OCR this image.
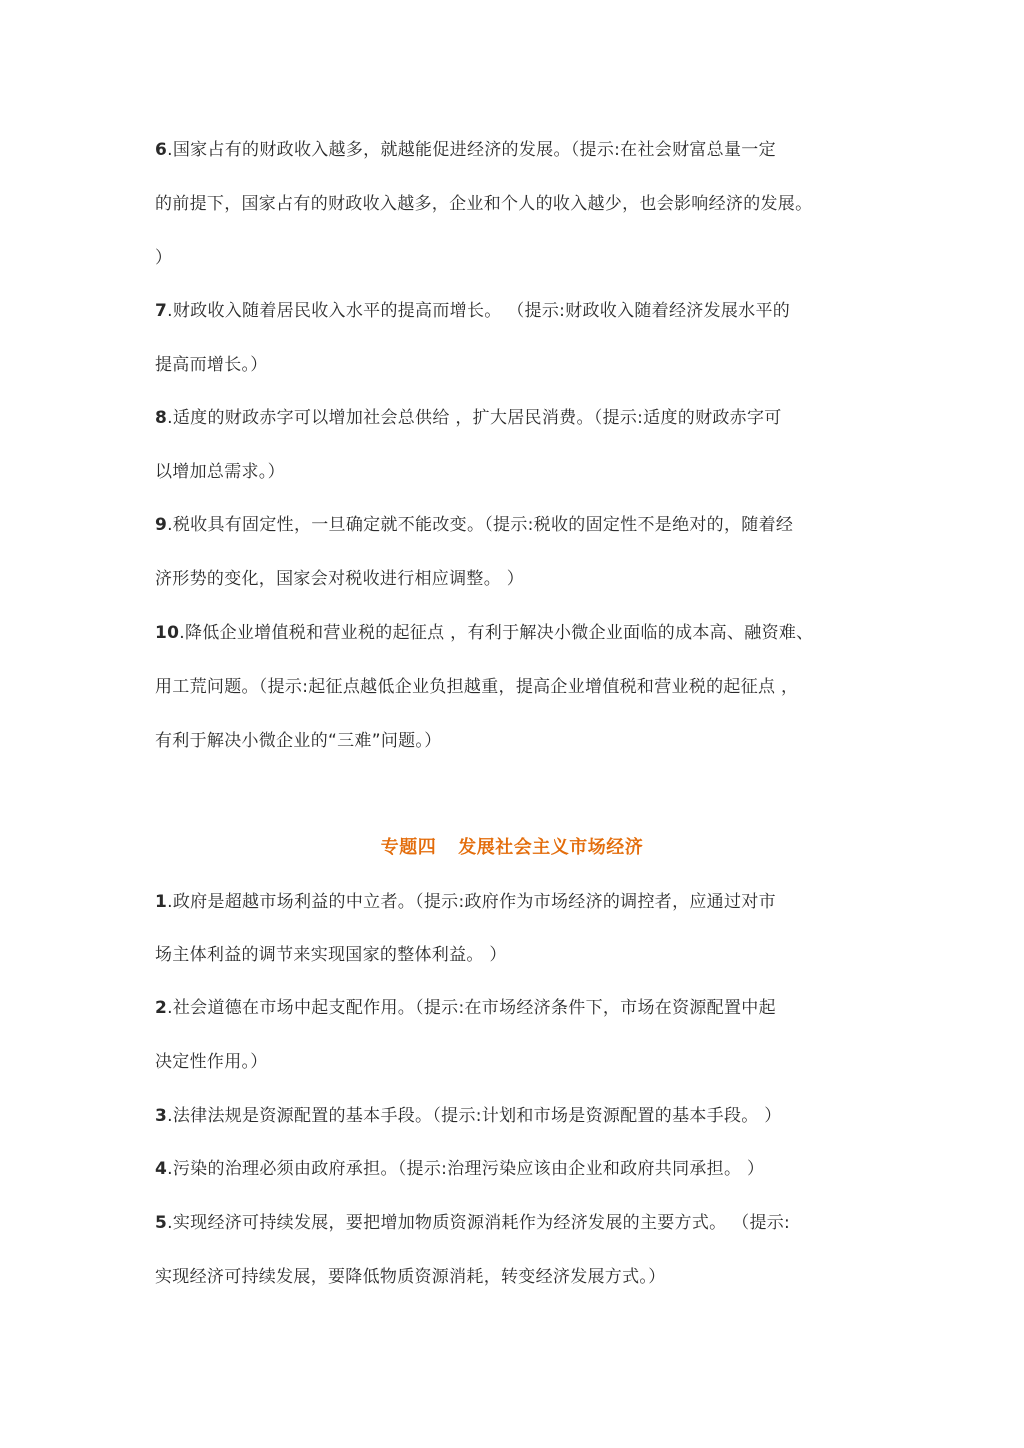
6.国家占有的财政收入越多，就越能促进经济的发展。（提示:在社会财富总量一定
的前提下，国家占有的财政收入越多，企业和个人的收入越少，也会影响经济的发展。
）
7.财政收入随着居民收入水平的提高而增长。 （提示:财政收入随着经济发展水平的
提高而增长。）
8.适度的财政赤字可以增加社会总供给 ，扩大居民消费。（提示:适度的财政赤字可
以增加总需求。）
9.税收具有固定性，一旦确定就不能改变。（提示:税收的固定性不是绝对的，随着经
济形势的变化，国家会对税收进行相应调整。 ）
10.降低企业增值税和营业税的起征点 ，有利于解决小微企业面临的成本高、融资难、
用工荒问题。（提示:起征点越低企业负担越重，提高企业增值税和营业税的起征点 ，
有利于解决小微企业的“三难”问题。）
专题四 发展社会主义市场经济
1.政府是超越市场利益的中立者。（提示:政府作为市场经济的调控者，应通过对市
场主体利益的调节来实现国家的整体利益。 ）
2.社会道德在市场中起支配作用。（提示:在市场经济条件下，市场在资源配置中起
决定性作用。）
3.法律法规是资源配置的基本手段。（提示:计划和市场是资源配置的基本手段。 ）
4.污染的治理必须由政府承担。（提示:治理污染应该由企业和政府共同承担。 ）
5.实现经济可持续发展，要把增加物质资源消耗作为经济发展的主要方式。 （提示:
实现经济可持续发展，要降低物质资源消耗，转变经济发展方式。）
